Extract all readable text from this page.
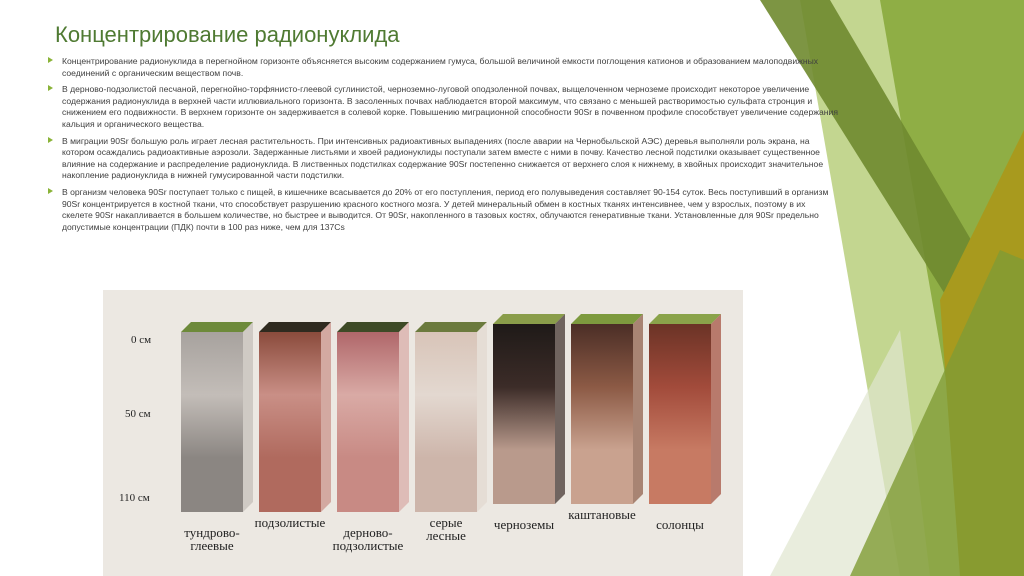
Концентрирование радионуклида
Концентрирование радионуклида в перегнойном горизонте объясняется высоким содержанием гумуса, большой величиной емкости поглощения катионов и образованием малоподвижных соединений с органическим веществом почв.
В дерново-подзолистой песчаной, перегнойно-торфянисто-глеевой суглинистой, черноземно-луговой оподзоленной почвах, выщелоченном черноземе происходит некоторое увеличение содержания радионуклида в верхней части иллювиального горизонта. В засоленных почвах наблюдается второй максимум, что связано с меньшей растворимостью сульфата стронция и снижением его подвижности. В верхнем горизонте он задерживается в солевой корке. Повышению миграционной способности 90Sr в почвенном профиле способствует увеличение содержания кальция и органического вещества.
В миграции 90Sr большую роль играет лесная растительность. При интенсивных радиоактивных выпадениях (после аварии на Чернобыльской АЭС) деревья выполняли роль экрана, на котором осаждались радиоактивные аэрозоли. Задержанные листьями и хвоей радионуклиды поступали затем вместе с ними в почву. Качество лесной подстилки оказывает существенное влияние на содержание и распределение радионуклида. В лиственных подстилках содержание 90Sr постепенно снижается от верхнего слоя к нижнему, в хвойных происходит значительное накопление радионуклида в нижней гумусированной части подстилки.
В организм человека 90Sr поступает только с пищей, в кишечнике всасывается до 20% от его поступления, период его полувыведения составляет 90-154 суток. Весь поступивший в организм 90Sr концентрируется в костной ткани, что способствует разрушению красного костного мозга. У детей минеральный обмен в костных тканях интенсивнее, чем у взрослых, поэтому в их скелете 90Sr накапливается в большем количестве, но быстрее и выводится. От 90Sr, накопленного в тазовых костях, облучаются генеративные ткани. Установленные для 90Sr предельно допустимые концентрации (ПДК) почти в 100 раз ниже, чем для 137Cs
0 см
50 см
110 см
тундрово-
глеевые
подзолистые
дерново-
подзолистые
серые
лесные
черноземы
каштановые
солонцы
